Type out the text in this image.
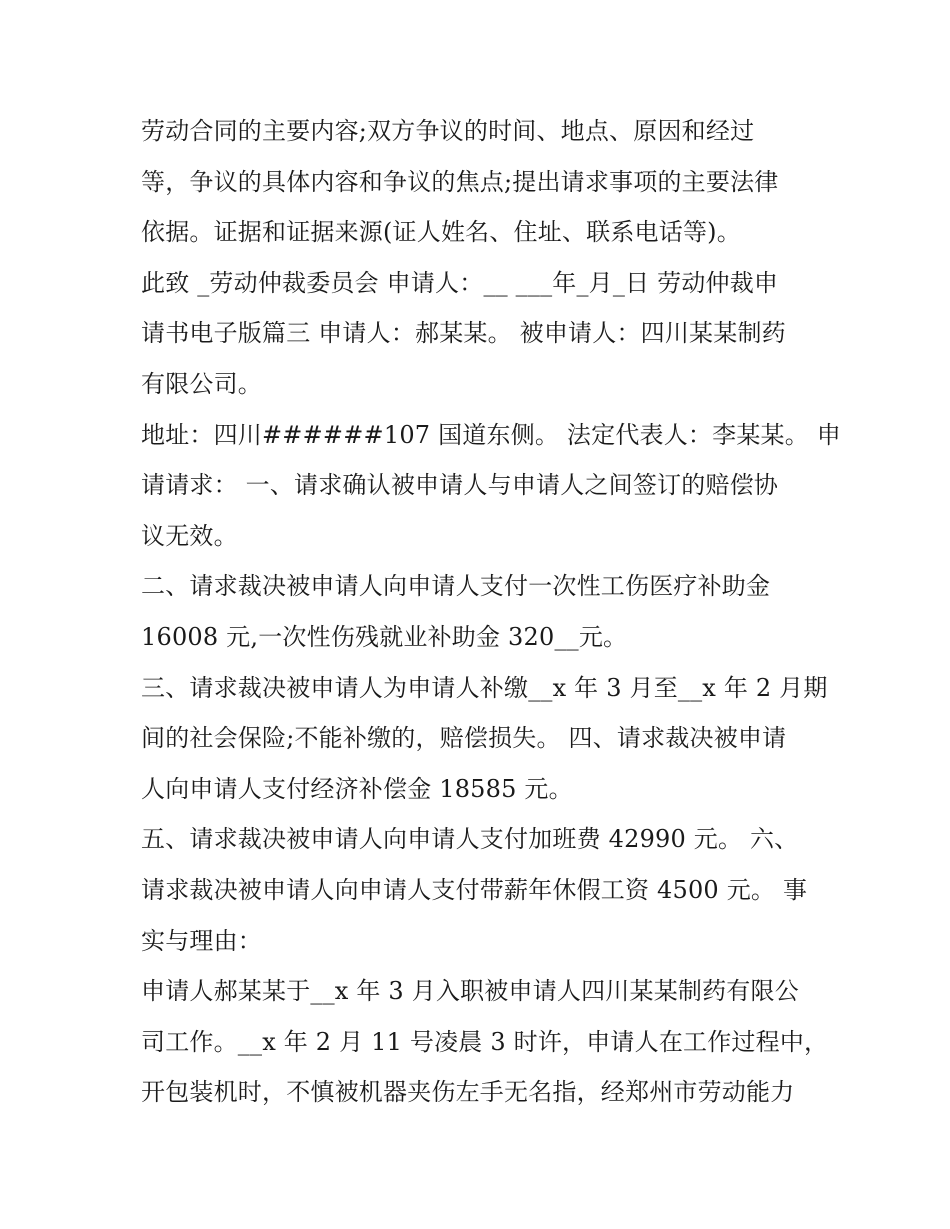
劳动合同的主要内容;双方争议的时间、地点、原因和经过
等，争议的具体内容和争议的焦点;提出请求事项的主要法律
依据。证据和证据来源(证人姓名、住址、联系电话等)。
此致 _劳动仲裁委员会 申请人：__ ___年_月_日 劳动仲裁申
请书电子版篇三 申请人：郝某某。 被申请人：四川某某制药
有限公司。
地址：四川######107 国道东侧。 法定代表人：李某某。 申
请请求： 一、请求确认被申请人与申请人之间签订的赔偿协
议无效。
二、请求裁决被申请人向申请人支付一次性工伤医疗补助金
16008 元,一次性伤残就业补助金 320__元。
三、请求裁决被申请人为申请人补缴__x 年 3 月至__x 年 2 月期
间的社会保险;不能补缴的，赔偿损失。 四、请求裁决被申请
人向申请人支付经济补偿金 18585 元。
五、请求裁决被申请人向申请人支付加班费 42990 元。 六、
请求裁决被申请人向申请人支付带薪年休假工资 4500 元。 事
实与理由：
申请人郝某某于__x 年 3 月入职被申请人四川某某制药有限公
司工作。__x 年 2 月 11 号凌晨 3 时许，申请人在工作过程中，
开包装机时，不慎被机器夹伤左手无名指，经郑州市劳动能力
